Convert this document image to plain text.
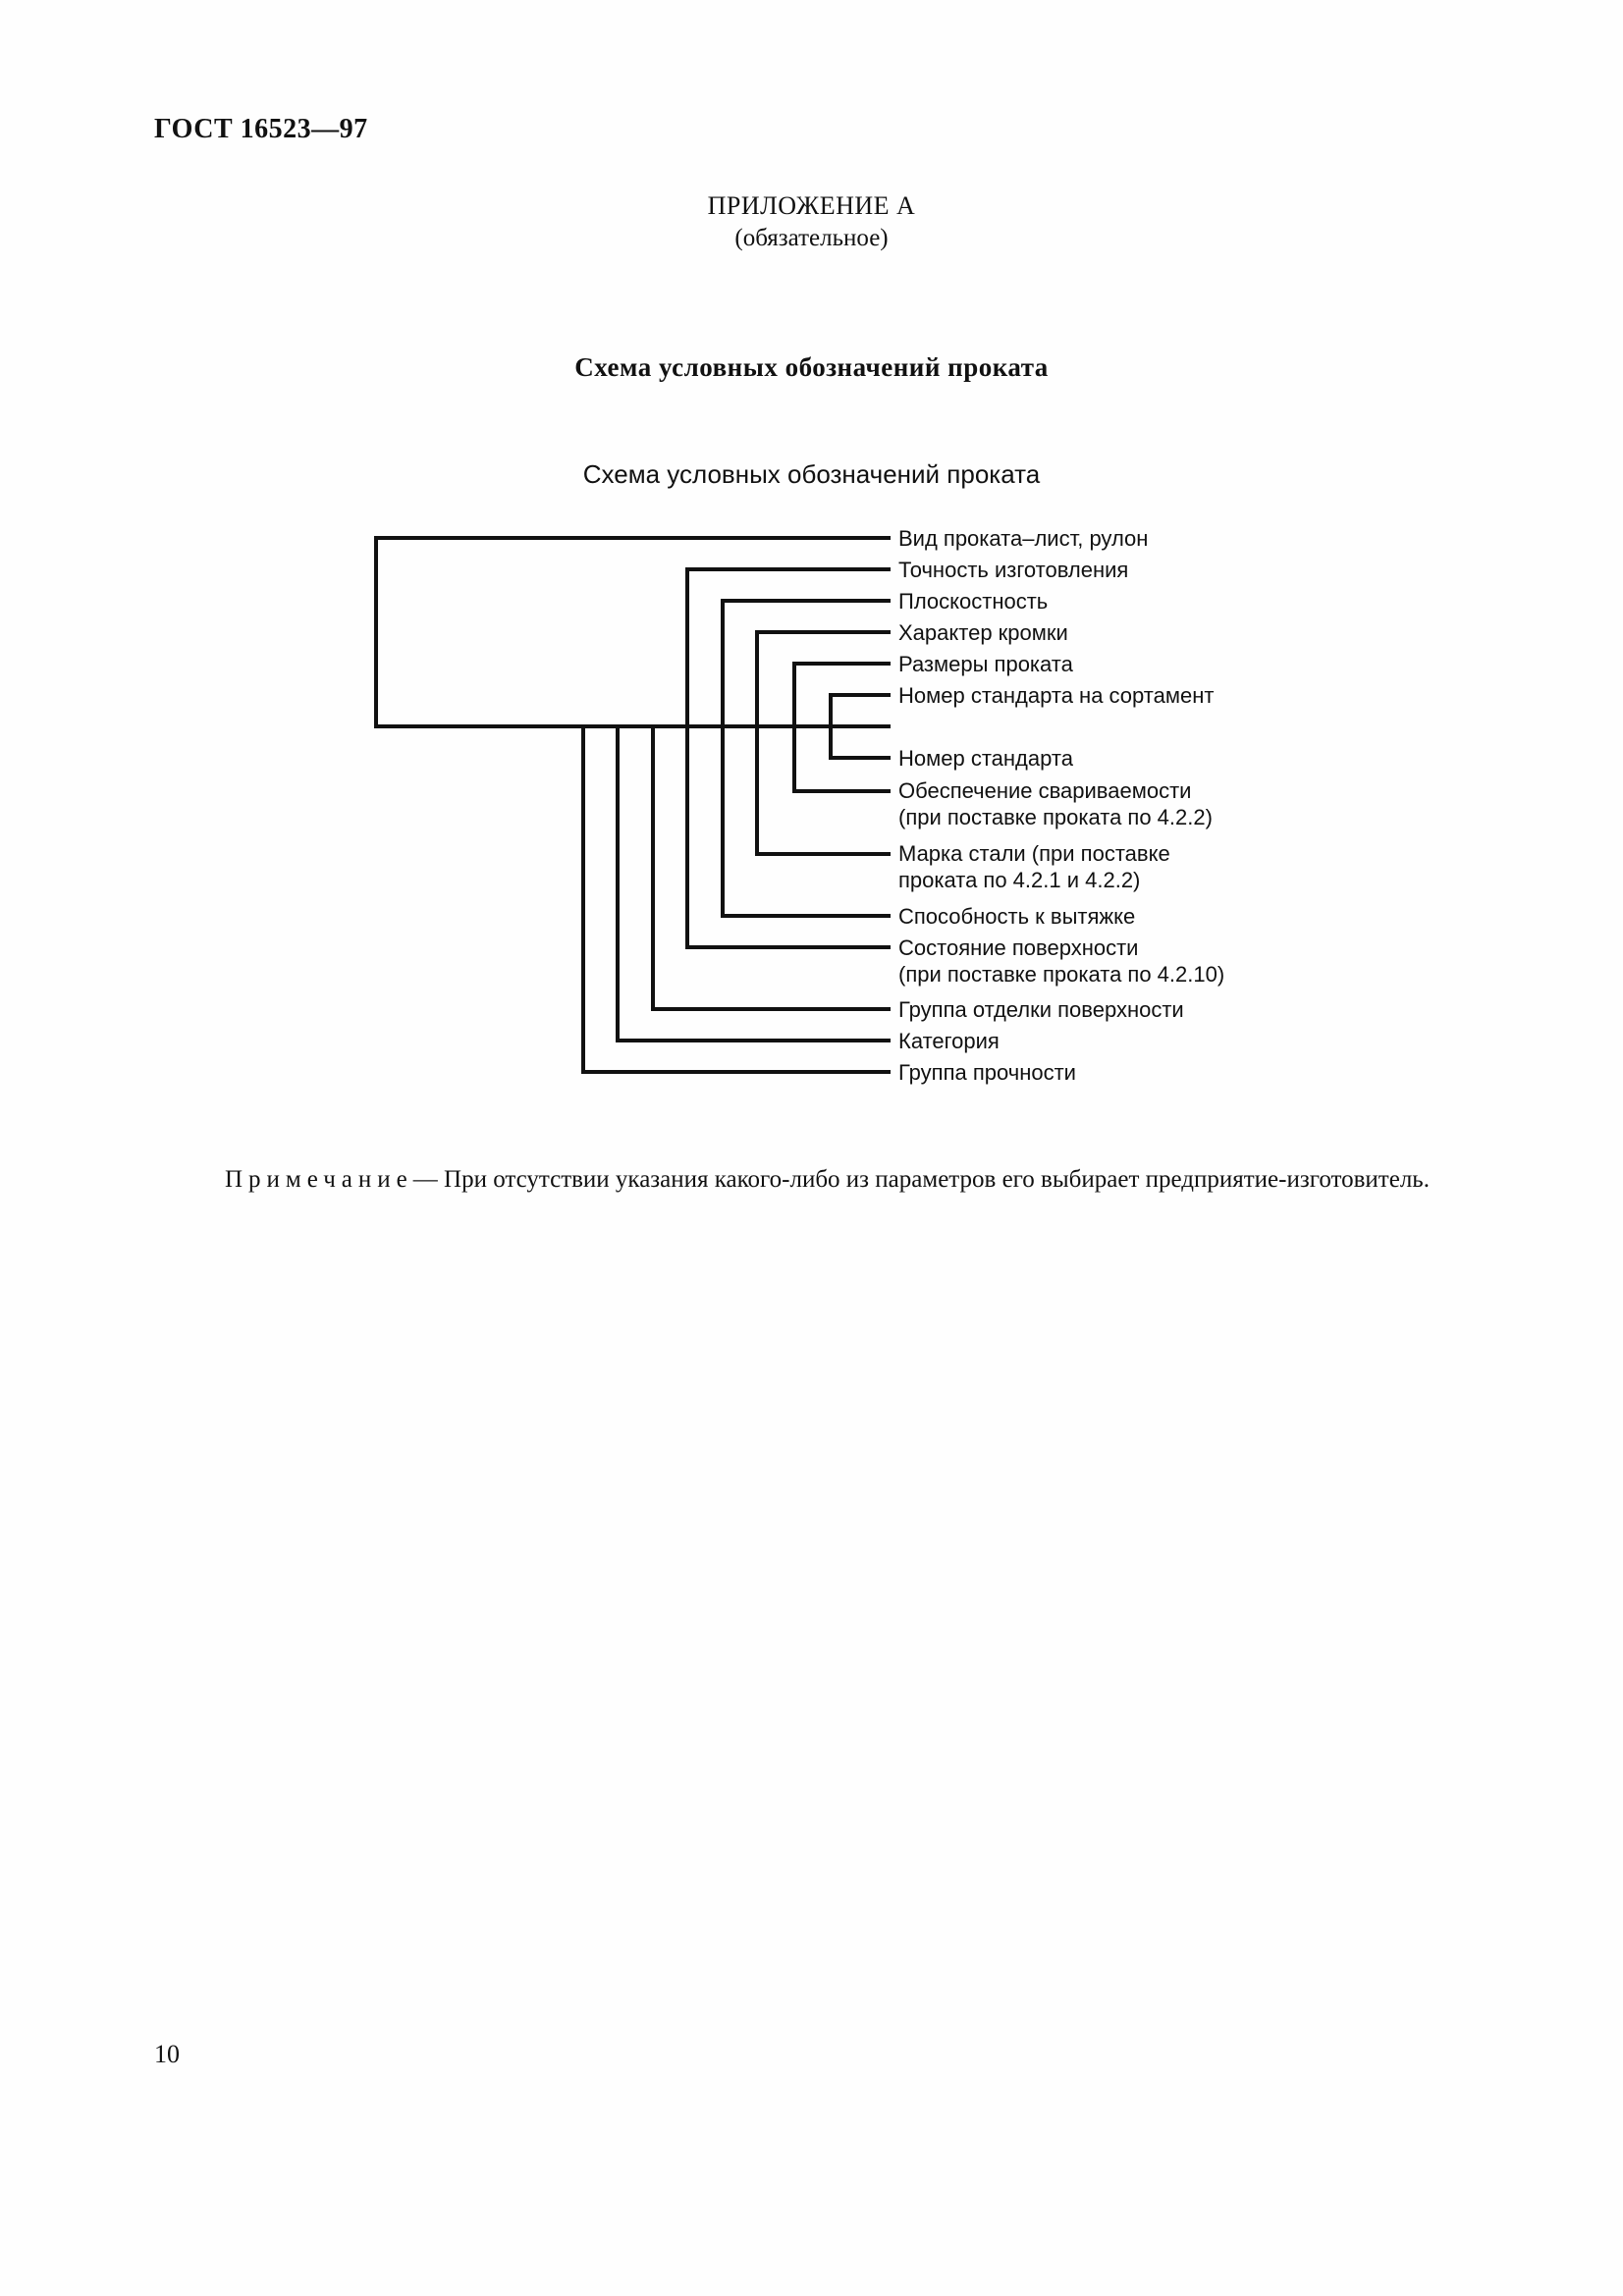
ГОСТ 16523—97
ПРИЛОЖЕНИЕ А
(обязательное)
Схема условных обозначений проката
Схема условных обозначений проката
Вид проката–лист, рулон
Точность изготовления
Плоскостность
Характер кромки
Размеры проката
Номер стандарта на сортамент
Номер стандарта
Обеспечение свариваемости
(при поставке проката по 4.2.2)
Марка стали (при поставке
проката по 4.2.1 и 4.2.2)
Способность к вытяжке
Состояние поверхности
(при поставке проката по 4.2.10)
Группа отделки поверхности
Категория
Группа прочности
Примечание— При отсутствии указания какого-либо из параметров его выбирает предприятие-изготовитель.
10
